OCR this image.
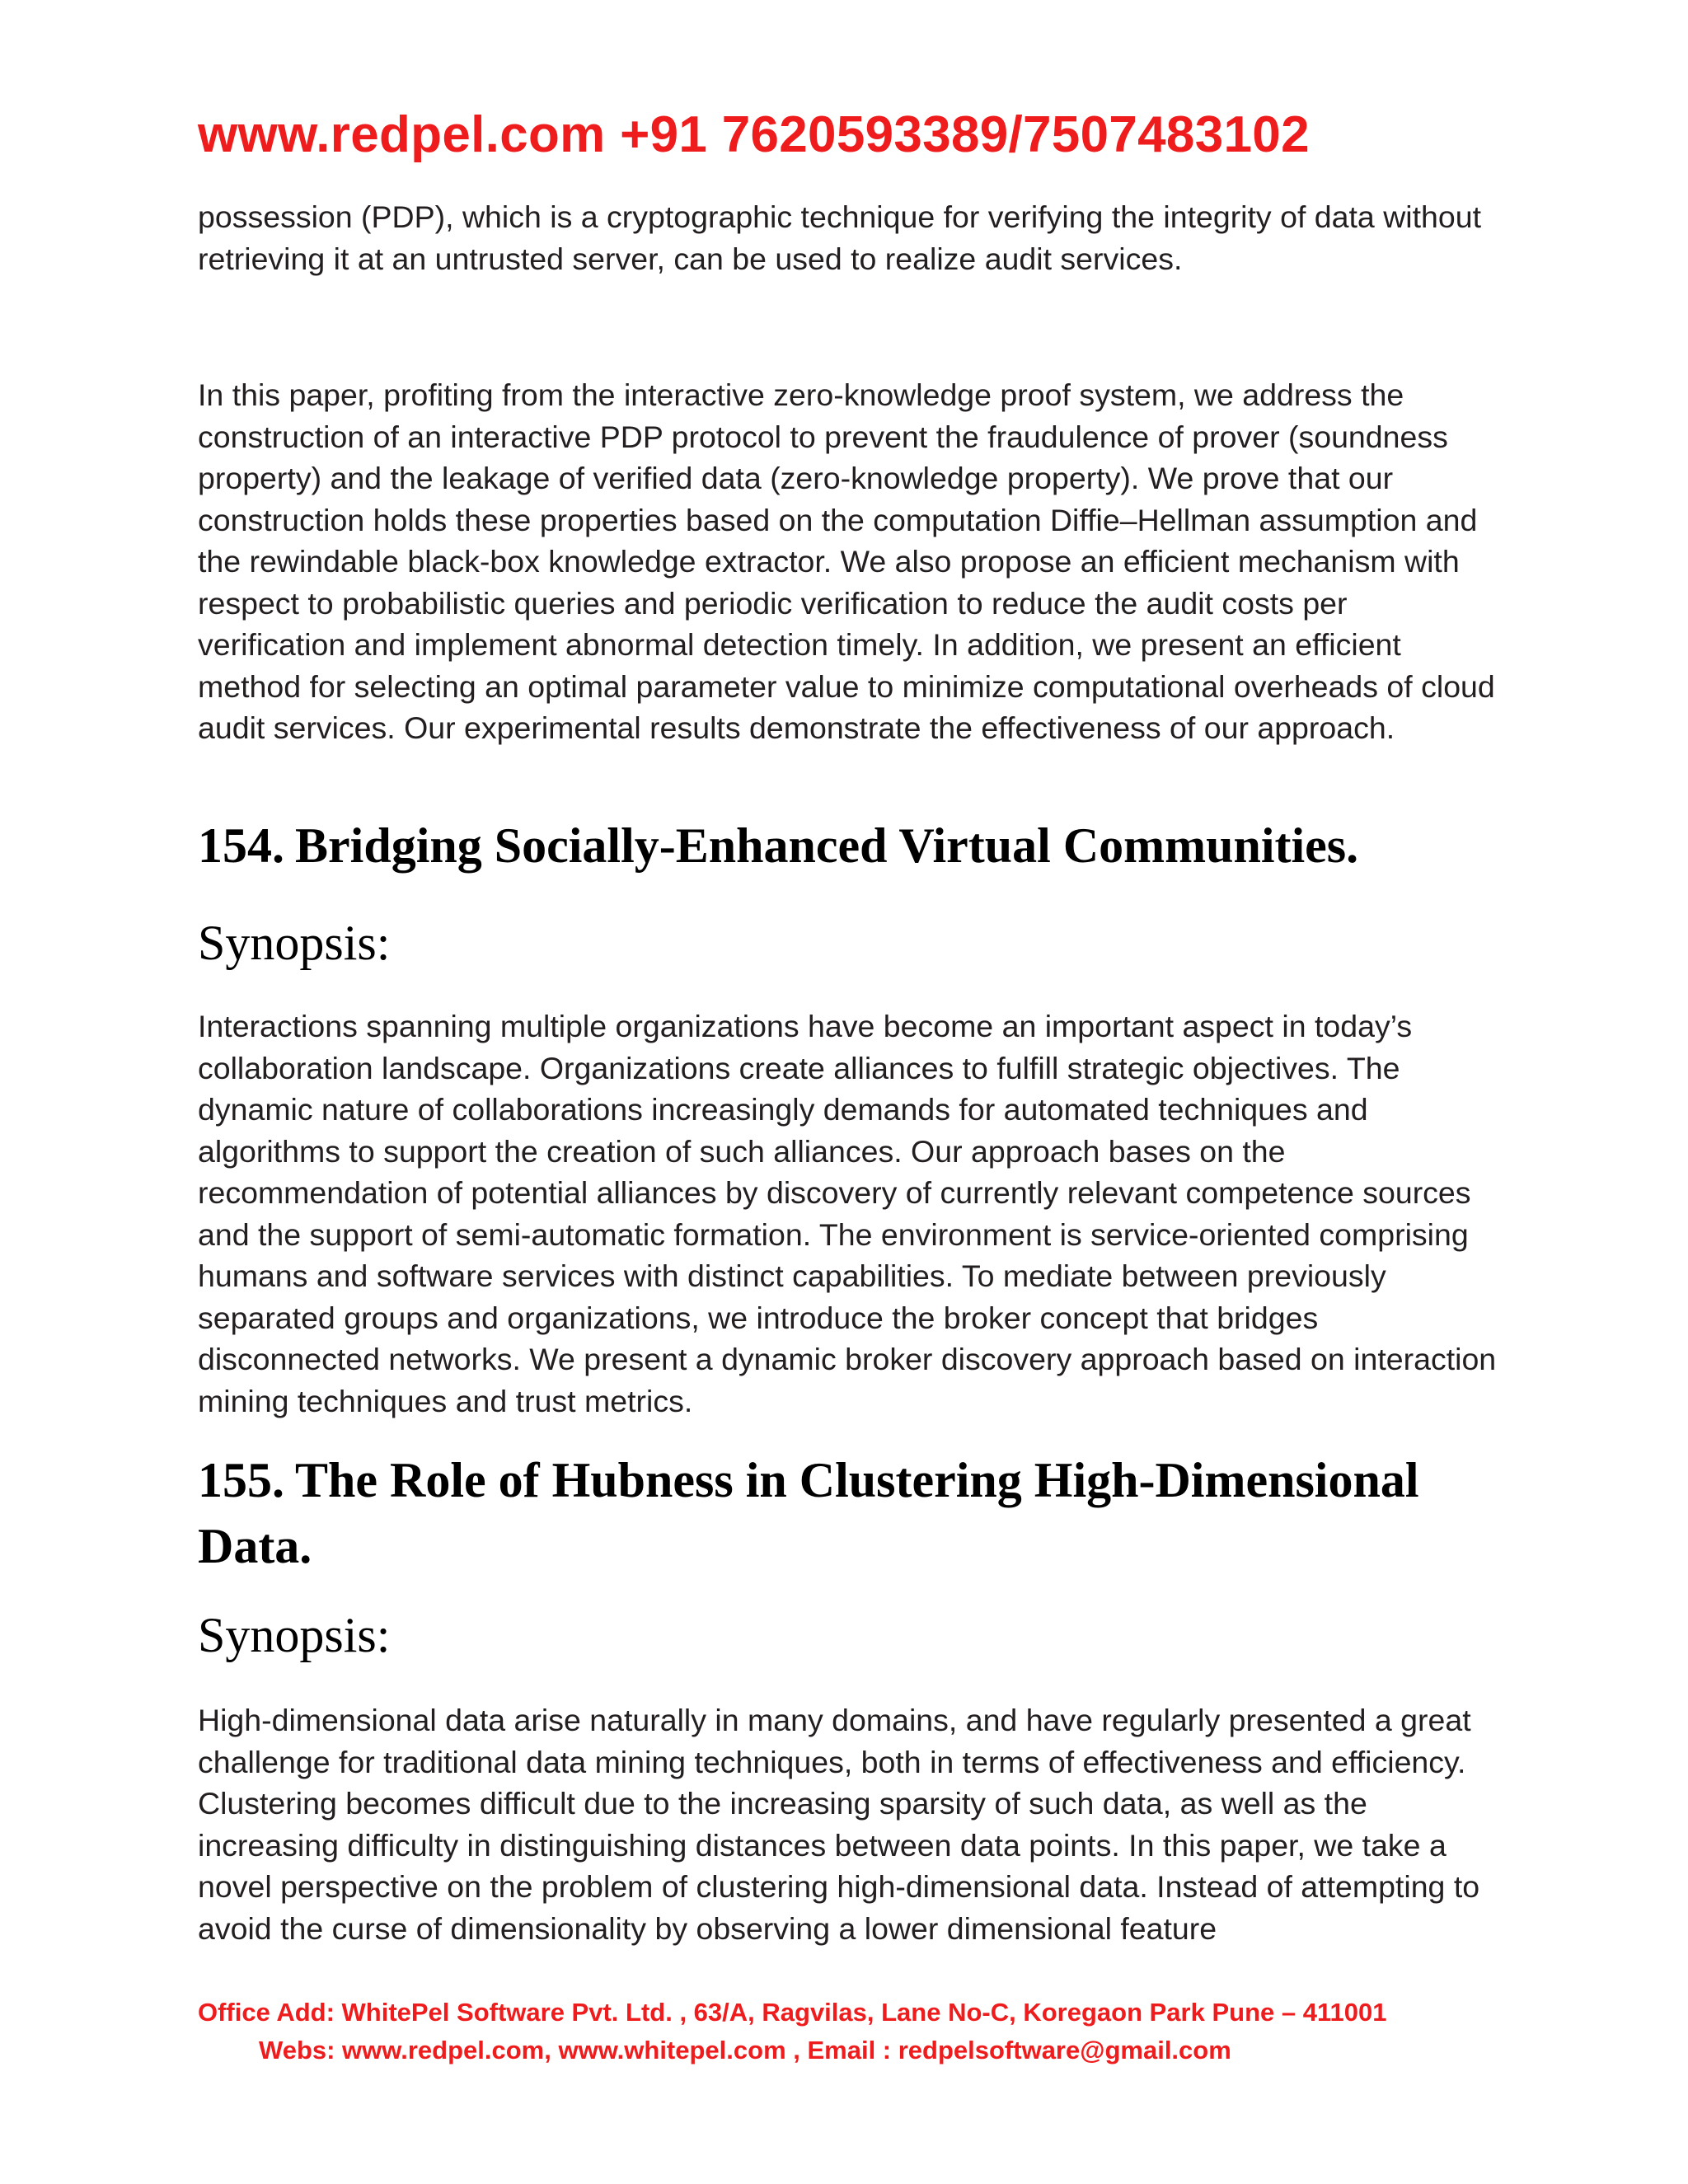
www.redpel.com +91 7620593389/7507483102

possession (PDP), which is a cryptographic technique for verifying the integrity of data without retrieving it at an untrusted server, can be used to realize audit services.

In this paper, profiting from the interactive zero-knowledge proof system, we address the construction of an interactive PDP protocol to prevent the fraudulence of prover (soundness property) and the leakage of verified data (zero-knowledge property). We prove that our construction holds these properties based on the computation Diffie–Hellman assumption and the rewindable black-box knowledge extractor. We also propose an efficient mechanism with respect to probabilistic queries and periodic verification to reduce the audit costs per verification and implement abnormal detection timely. In addition, we present an efficient method for selecting an optimal parameter value to minimize computational overheads of cloud audit services. Our experimental results demonstrate the effectiveness of our approach.

154. Bridging Socially-Enhanced Virtual Communities.

Synopsis:

Interactions spanning multiple organizations have become an important aspect in today’s collaboration landscape. Organizations create alliances to fulfill strategic objectives. The dynamic nature of collaborations increasingly demands for automated techniques and algorithms to support the creation of such alliances. Our approach bases on the recommendation of potential alliances by discovery of currently relevant competence sources and the support of semi-automatic formation. The environment is service-oriented comprising humans and software services with distinct capabilities. To mediate between previously separated groups and organizations, we introduce the broker concept that bridges disconnected networks. We present a dynamic broker discovery approach based on interaction mining techniques and trust metrics.

155. The Role of Hubness in Clustering High-Dimensional Data.

Synopsis:

High-dimensional data arise naturally in many domains, and have regularly presented a great challenge for traditional data mining techniques, both in terms of effectiveness and efficiency. Clustering becomes difficult due to the increasing sparsity of such data, as well as the increasing difficulty in distinguishing distances between data points. In this paper, we take a novel perspective on the problem of clustering high-dimensional data. Instead of attempting to avoid the curse of dimensionality by observing a lower dimensional feature

Office Add: WhitePel Software Pvt. Ltd. , 63/A, Ragvilas, Lane No-C, Koregaon Park Pune – 411001

Webs: www.redpel.com, www.whitepel.com , Email : redpelsoftware@gmail.com
